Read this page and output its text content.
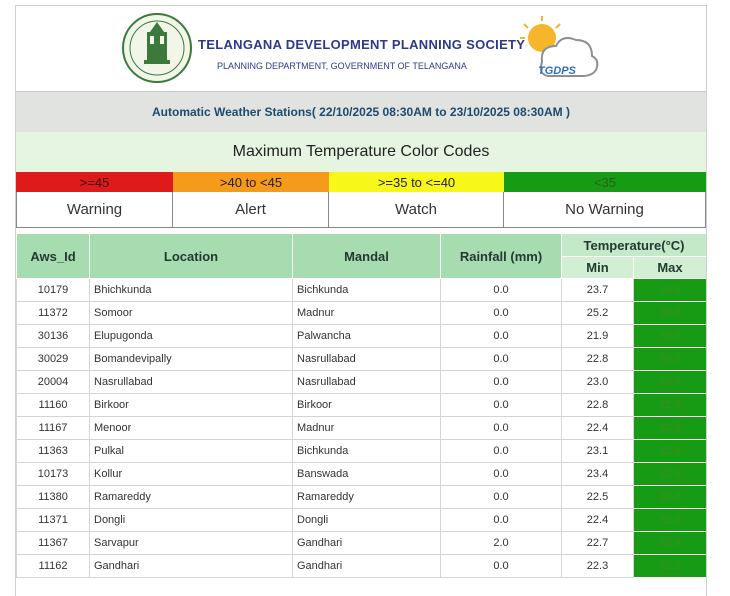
TELANGANA DEVELOPMENT PLANNING SOCIETY
PLANNING DEPARTMENT, GOVERNMENT OF TELANGANA	TGDPS
Automatic Weather Stations( 22/10/2025 08:30AM to 23/10/2025 08:30AM )
Maximum Temperature Color Codes
>=45	>40 to <45	>=35 to <=40	<35
Warning	Alert	Watch	No Warning
Aws_Id	Location	Mandal	Rainfall (mm)	Temperature(°C)	
				Min	Max
10179	Bhichkunda	Bichkunda	0.0	23.7	33.8
11372	Somoor	Madnur	0.0	25.2	33.6
30136	Elupugonda	Palwancha	0.0	21.9	33.5
30029	Bomandevipally	Nasrullabad	0.0	22.8	33.0
20004	Nasrullabad	Nasrullabad	0.0	23.0	33.0
11160	Birkoor	Birkoor	0.0	22.8	32.8
11167	Menoor	Madnur	0.0	22.4	32.8
11363	Pulkal	Bichkunda	0.0	23.1	32.8
10173	Kollur	Banswada	0.0	23.4	32.8
11380	Ramareddy	Ramareddy	0.0	22.5	32.8
11371	Dongli	Dongli	0.0	22.4	32.5
11367	Sarvapur	Gandhari	2.0	22.7	32.4
11162	Gandhari	Gandhari	0.0	22.3	32.2
